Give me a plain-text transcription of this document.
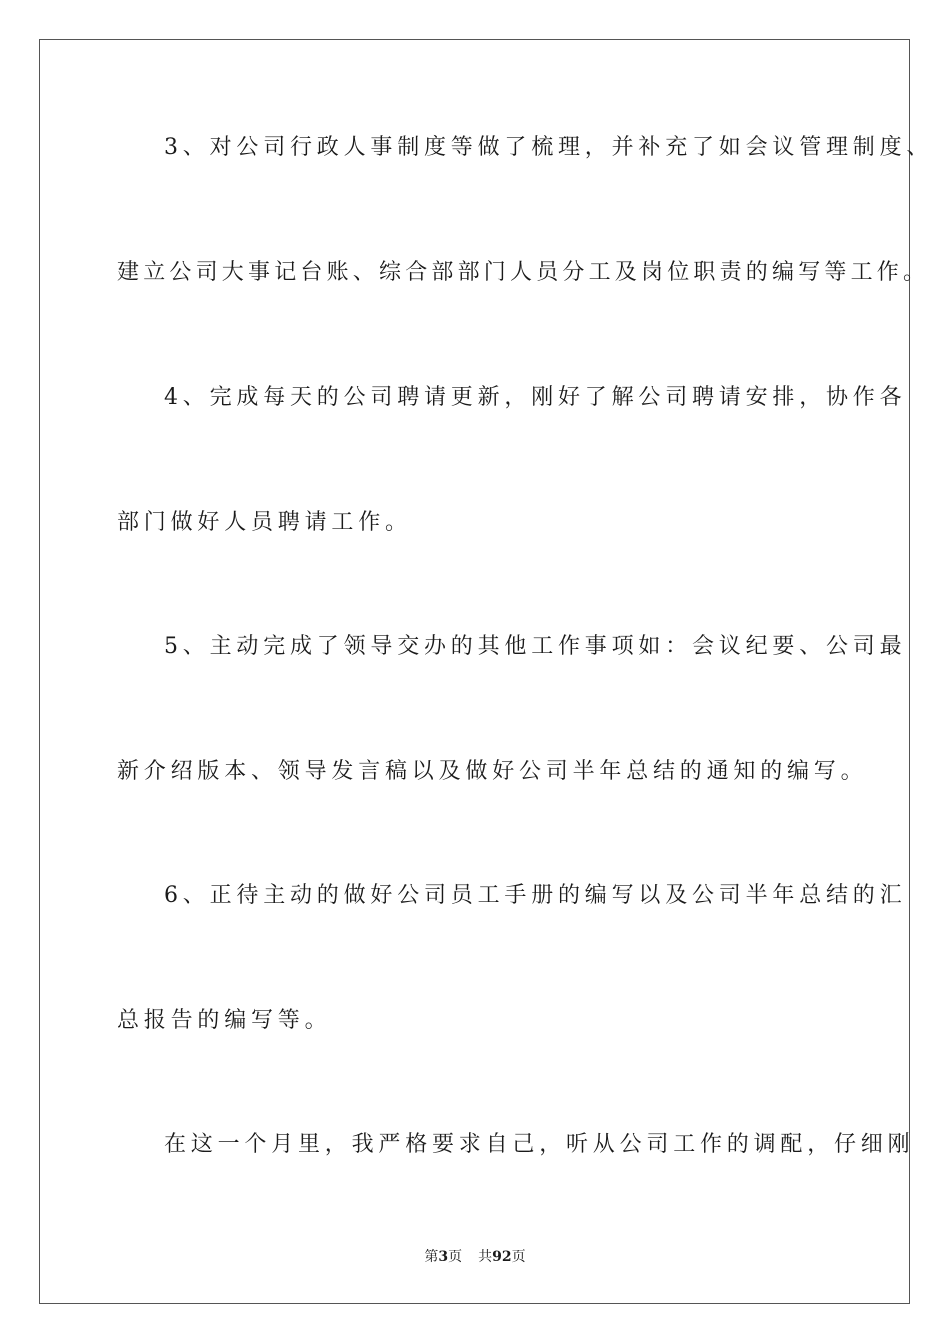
3、对公司行政人事制度等做了梳理，并补充了如会议管理制度、
建立公司大事记台账、综合部部门人员分工及岗位职责的编写等工作。
4、完成每天的公司聘请更新，刚好了解公司聘请安排，协作各
部门做好人员聘请工作。
5、主动完成了领导交办的其他工作事项如：会议纪要、公司最
新介绍版本、领导发言稿以及做好公司半年总结的通知的编写。
6、正待主动的做好公司员工手册的编写以及公司半年总结的汇
总报告的编写等。
在这一个月里，我严格要求自己，听从公司工作的调配，仔细刚
第3页 共92页
